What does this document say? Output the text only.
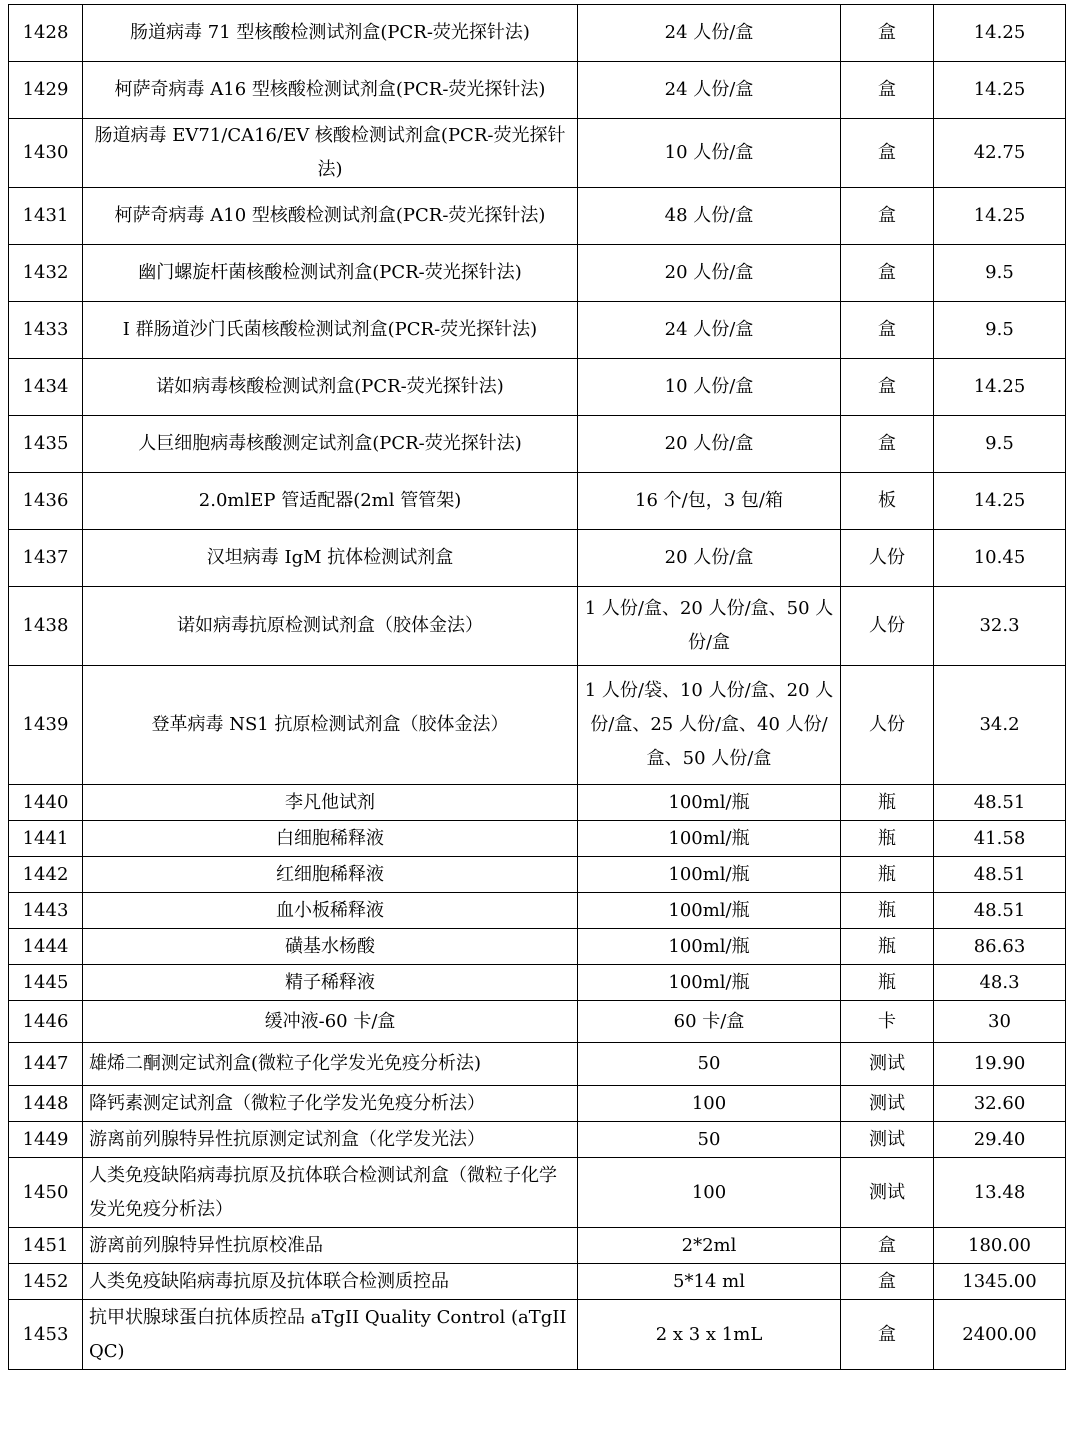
1428	肠道病毒 71 型核酸检测试剂盒(PCR-荧光探针法)	24 人份/盒	盒	14.25
1429	柯萨奇病毒 A16 型核酸检测试剂盒(PCR-荧光探针法)	24 人份/盒	盒	14.25
1430	肠道病毒 EV71/CA16/EV 核酸检测试剂盒(PCR-荧光探针法)	10 人份/盒	盒	42.75
1431	柯萨奇病毒 A10 型核酸检测试剂盒(PCR-荧光探针法)	48 人份/盒	盒	14.25
1432	幽门螺旋杆菌核酸检测试剂盒(PCR-荧光探针法)	20 人份/盒	盒	9.5
1433	I 群肠道沙门氏菌核酸检测试剂盒(PCR-荧光探针法)	24 人份/盒	盒	9.5
1434	诺如病毒核酸检测试剂盒(PCR-荧光探针法)	10 人份/盒	盒	14.25
1435	人巨细胞病毒核酸测定试剂盒(PCR-荧光探针法)	20 人份/盒	盒	9.5
1436	2.0mlEP 管适配器(2ml 管管架)	16 个/包，3 包/箱	板	14.25
1437	汉坦病毒 IgM 抗体检测试剂盒	20 人份/盒	人份	10.45
1438	诺如病毒抗原检测试剂盒（胶体金法）	1 人份/盒、20 人份/盒、50 人份/盒	人份	32.3
1439	登革病毒 NS1 抗原检测试剂盒（胶体金法）	1 人份/袋、10 人份/盒、20 人份/盒、25 人份/盒、40 人份/盒、50 人份/盒	人份	34.2
1440	李凡他试剂	100ml/瓶	瓶	48.51
1441	白细胞稀释液	100ml/瓶	瓶	41.58
1442	红细胞稀释液	100ml/瓶	瓶	48.51
1443	血小板稀释液	100ml/瓶	瓶	48.51
1444	磺基水杨酸	100ml/瓶	瓶	86.63
1445	精子稀释液	100ml/瓶	瓶	48.3
1446	缓冲液-60 卡/盒	60 卡/盒	卡	30
1447	雄烯二酮测定试剂盒(微粒子化学发光免疫分析法)	50	测试	19.90
1448	降钙素测定试剂盒（微粒子化学发光免疫分析法）	100	测试	32.60
1449	游离前列腺特异性抗原测定试剂盒（化学发光法）	50	测试	29.40
1450	人类免疫缺陷病毒抗原及抗体联合检测试剂盒（微粒子化学发光免疫分析法）	100	测试	13.48
1451	游离前列腺特异性抗原校准品	2*2ml	盒	180.00
1452	人类免疫缺陷病毒抗原及抗体联合检测质控品	5*14 ml	盒	1345.00
1453	抗甲状腺球蛋白抗体质控品 aTgII Quality Control (aTgII QC)	2 x 3 x 1mL	盒	2400.00
